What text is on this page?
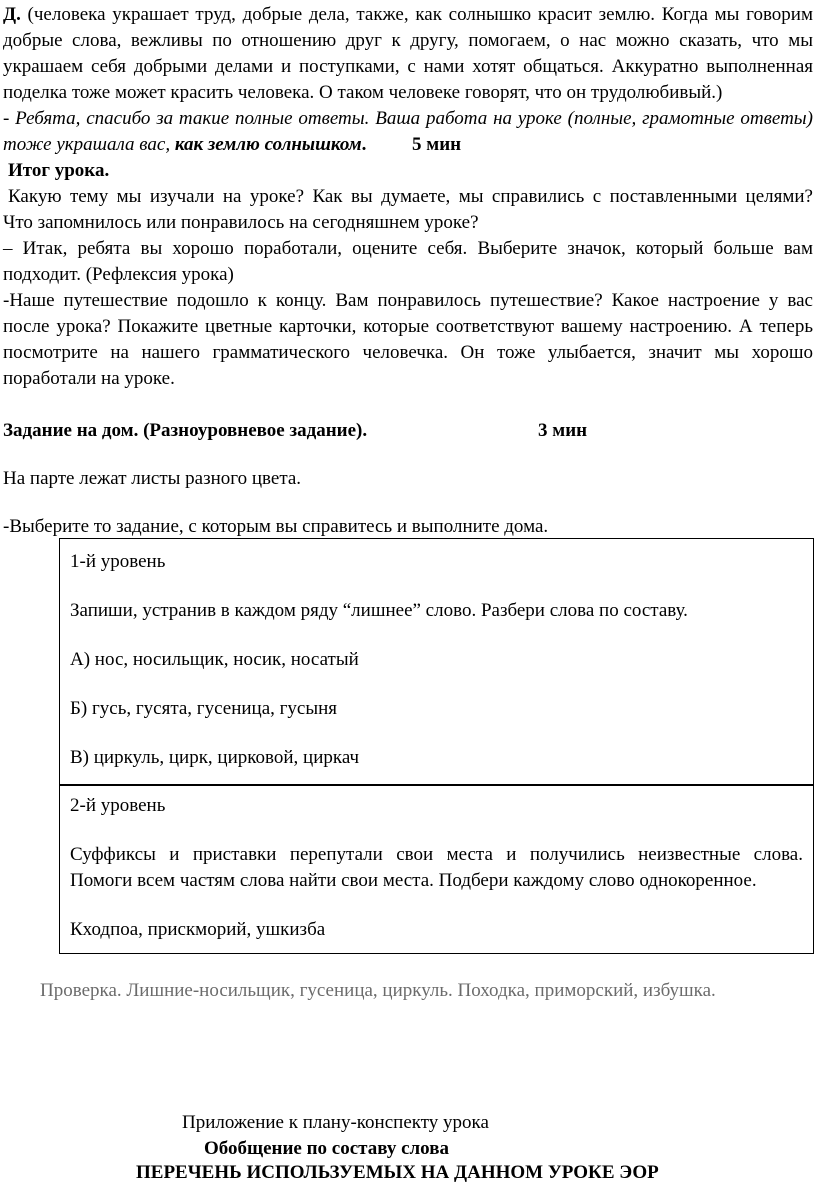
Д. (человека украшает труд, добрые дела, также, как солнышко красит землю. Когда мы говорим
добрые слова, вежливы по отношению друг к другу, помогаем, о нас можно сказать, что мы
украшаем себя добрыми делами и поступками, с нами хотят общаться. Аккуратно выполненная
поделка тоже может красить человека. О таком человеке говорят, что он трудолюбивый.)
- Ребята, спасибо за такие полные ответы. Ваша работа на уроке (полные, грамотные ответы)
тоже украшала вас, как землю солнышком.	5 мин
Итог урока.
Какую тему мы изучали на уроке? Как вы думаете, мы справились с поставленными целями?
Что запомнилось или понравилось на сегодняшнем уроке?
– Итак, ребята вы хорошо поработали, оцените себя. Выберите значок, который больше вам
подходит. (Рефлексия урока)
-Наше путешествие подошло к концу. Вам понравилось путешествие? Какое настроение у вас
после урока? Покажите цветные карточки, которые соответствуют вашему настроению. А теперь
посмотрите на нашего грамматического человечка. Он тоже улыбается, значит мы хорошо
поработали на уроке.
Задание на дом. (Разноуровневое задание).	3 мин
На парте лежат листы разного цвета.
-Выберите то задание, с которым вы справитесь и выполните дома.
1-й уровень
Запиши, устранив в каждом ряду “лишнее” слово. Разбери слова по составу.
А) нос, носильщик, носик, носатый
Б) гусь, гусята, гусеница, гусыня
В) циркуль, цирк, цирковой, циркач
2-й уровень
Суффиксы и приставки перепутали свои места и получились неизвестные слова.
Помоги всем частям слова найти свои места. Подбери каждому слово однокоренное.
Кходпоа, прискморий, ушкизба
Проверка. Лишние-носильщик, гусеница, циркуль. Походка, приморский, избушка.
Приложение к плану-конспекту урока
Обобщение по составу слова
ПЕРЕЧЕНЬ ИСПОЛЬЗУЕМЫХ НА ДАННОМ УРОКЕ ЭОР
